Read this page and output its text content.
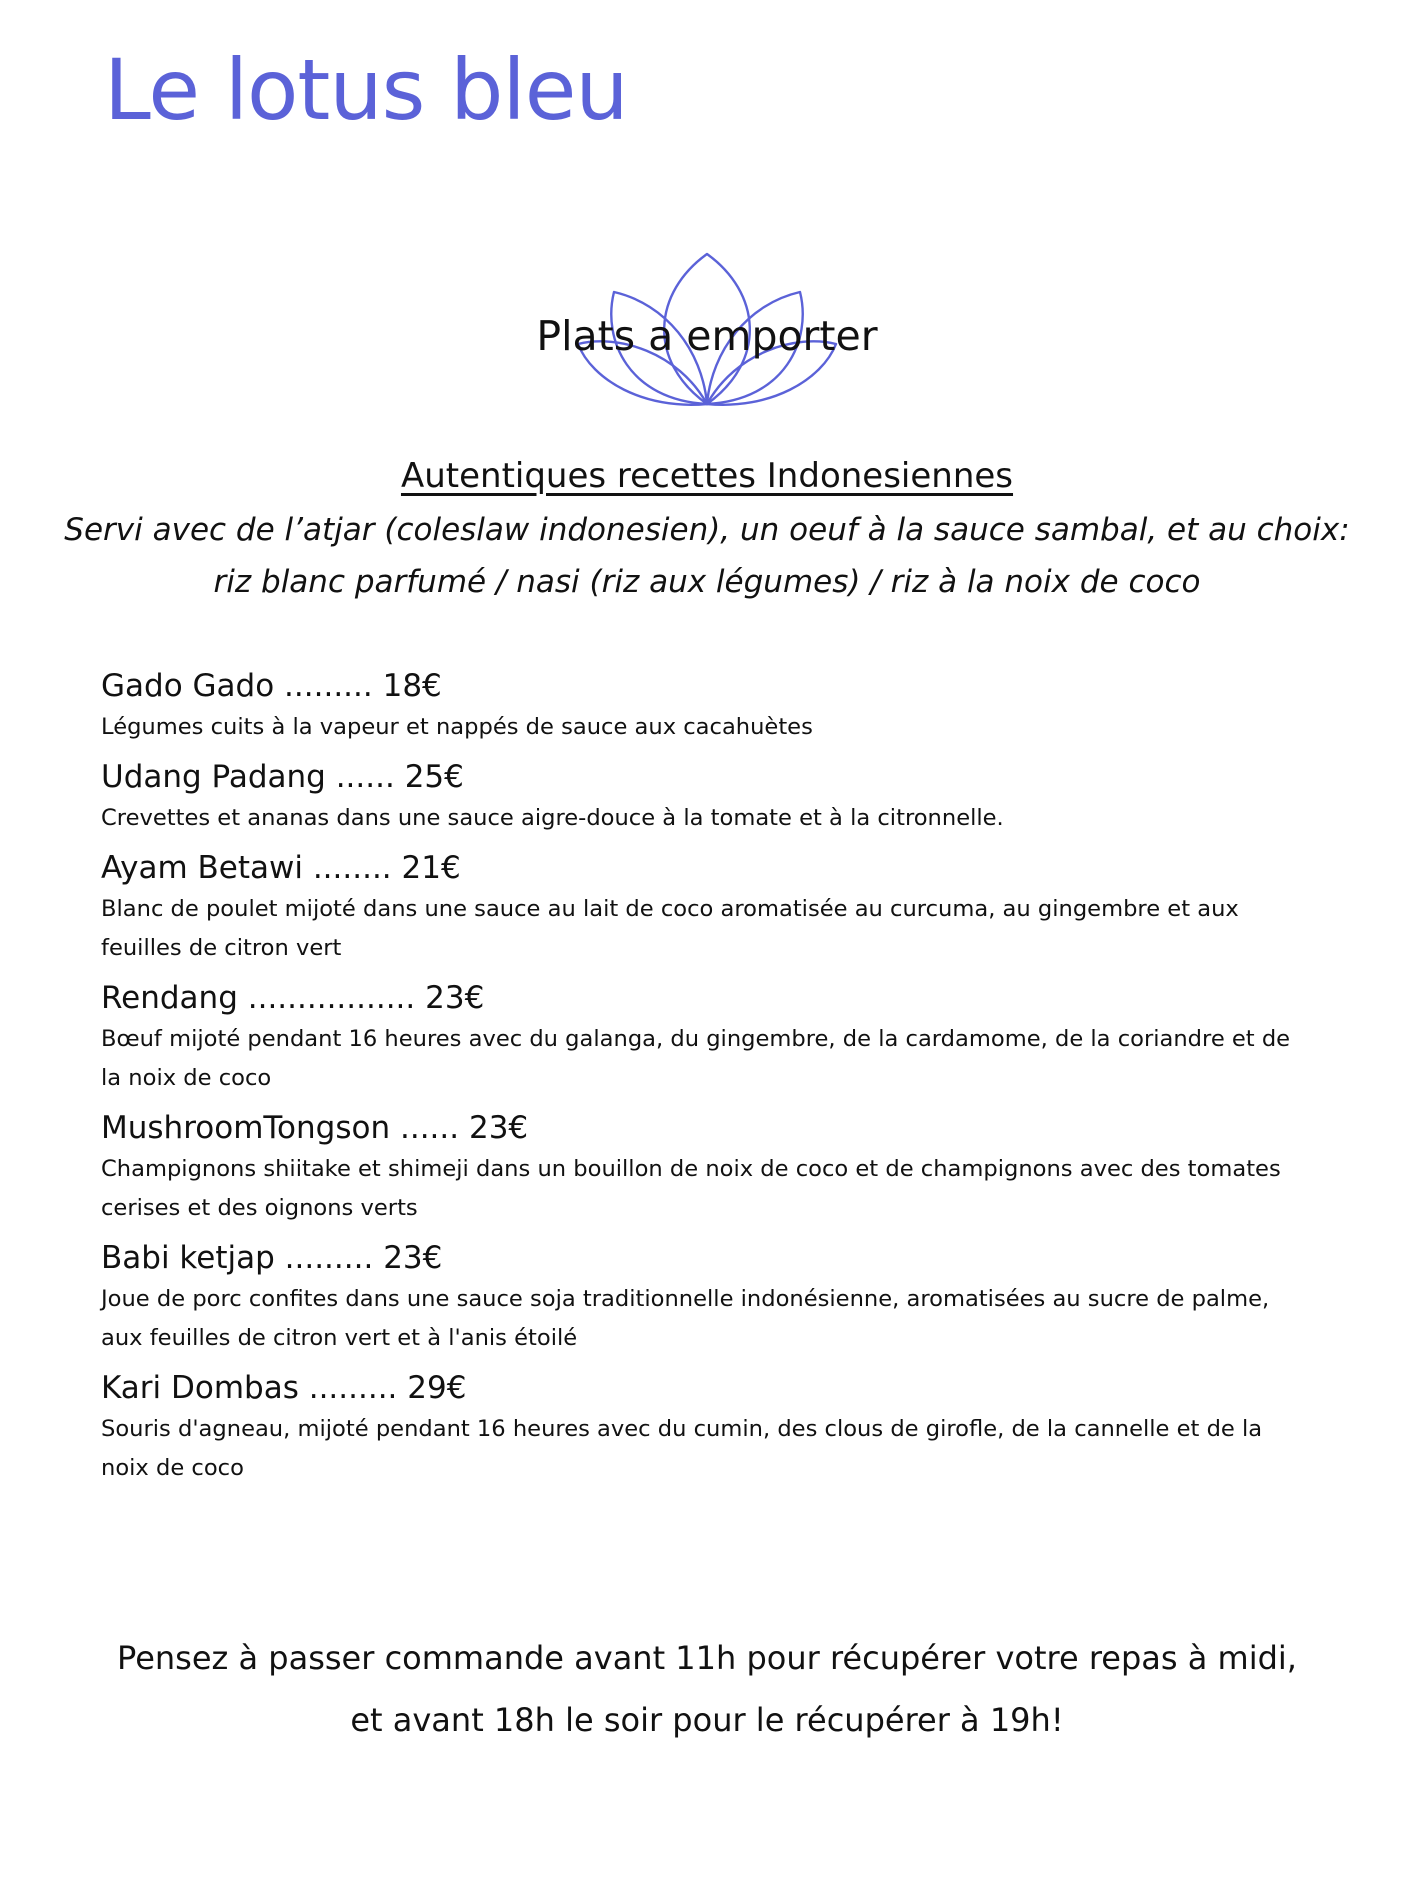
Le lotus bleu
Plats a emporter
Autentiques recettes Indonesiennes

Servi avec de l’atjar (coleslaw indonesien), un oeuf à la sauce sambal, et au choix:

riz blanc parfumé / nasi (riz aux légumes) / riz à la noix de coco

Gado Gado ......... 18€
Légumes cuits à la vapeur et nappés de sauce aux cacahuètes
Udang Padang ...... 25€
Crevettes et ananas dans une sauce aigre-douce à la tomate et à la citronnelle.
Ayam Betawi ........ 21€
Blanc de poulet mijoté dans une sauce au lait de coco aromatisée au curcuma, au gingembre et aux feuilles de citron vert
Rendang ................. 23€
Bœuf mijoté pendant 16 heures avec du galanga, du gingembre, de la cardamome, de la coriandre et de la noix de coco
MushroomTongson ...... 23€
Champignons shiitake et shimeji dans un bouillon de noix de coco et de champignons avec des tomates cerises et des oignons verts
Babi ketjap ......... 23€
Joue de porc confites dans une sauce soja traditionnelle indonésienne, aromatisées au sucre de palme, aux feuilles de citron vert et à l'anis étoilé
Kari Dombas ......... 29€
Souris d'agneau, mijoté pendant 16 heures avec du cumin, des clous de girofle, de la cannelle et de la noix de coco

Pensez à passer commande avant 11h pour récupérer votre repas à midi,

et avant 18h le soir pour le récupérer à 19h!
